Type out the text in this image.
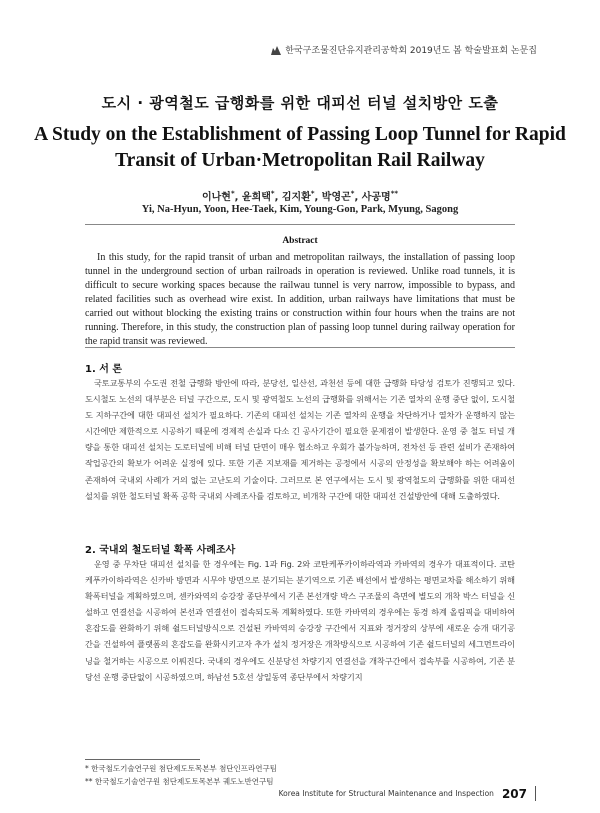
한국구조물진단유지관리공학회 2019년도 봄 학술발표회 논문집
도시 · 광역철도 급행화를 위한 대피선 터널 설치방안 도출
A Study on the Establishment of Passing Loop Tunnel for Rapid
Transit of Urban·Metropolitan Rail Railway
이나현*, 윤희택*, 김지환*, 박영곤*, 사공명**
Yi, Na-Hyun, Yoon, Hee-Taek, Kim, Young-Gon, Park, Myung, Sagong
Abstract

In this study, for the rapid transit of urban and metropolitan railways, the installation of passing loop tunnel in the underground section of urban railroads in operation is reviewed. Unlike road tunnels, it is difficult to secure working spaces because the railwau tunnel is very narrow, impossible to bypass, and related facilities such as overhead wire exist. In addition, urban railways have limitations that must be carried out without blocking the existing trains or construction within four hours when the trains are not running. Therefore, in this study, the construction plan of passing loop tunnel during railway operation for the rapid transit was reviewed.

1. 서 론

국토교통부의 수도권 전철 급행화 방안에 따라, 분당선, 일산선, 과천선 등에 대한 급행화 타당성 검토가 진행되고 있다. 도시철도 노선의 대부분은 터널 구간으로, 도시 및 광역철도 노선의 급행화를 위해서는 기존 열차의 운행 중단 없이, 도시철도 지하구간에 대한 대피선 설치가 필요하다. 기존의 대피선 설치는 기존 열차의 운행을 차단하거나 열차가 운행하지 않는 시간에만 제한적으로 시공하기 때문에 경제적 손실과 다소 긴 공사기간이 필요한 문제점이 발생한다. 운영 중 철도 터널 개량을 통한 대피선 설치는 도로터널에 비해 터널 단면이 매우 협소하고 우회가 불가능하며, 전차선 등 관련 설비가 존재하여 작업공간의 확보가 어려운 실정에 있다. 또한 기존 지보재를 제거하는 공정에서 시공의 안정성을 확보해야 하는 어려움이 존재하여 국내외 사례가 거의 없는 고난도의 기술이다. 그러므로 본 연구에서는 도시 및 광역철도의 급행화를 위한 대피선 설치를 위한 철도터널 확폭 공학 국내외 사례조사를 검토하고, 비개착 구간에 대한 대피선 건설방안에 대해 도출하였다.

2. 국내외 철도터널 확폭 사례조사

운영 중 무차단 대피선 설치를 한 경우에는 Fig. 1과 Fig. 2와 코탄케푸카이하라역과 카바역의 경우가 대표적이다. 코탄케푸카이하라역은 신카바 방면과 시무야 방면으로 분기되는 분기역으로 기존 배선에서 발생하는 평면교차를 해소하기 위해 확폭터널을 계획하였으며, 센카와역의 승강장 종단부에서 기존 본선개량 박스 구조물의 측면에 별도의 개착 박스 터널을 신설하고 연결선을 시공하여 본선과 연결선이 접속되도록 계획하였다. 또한 카바역의 경우에는 동경 하계 올림픽을 대비하여 혼잡도를 완화하기 위해 쉴드터널방식으로 건설된 카바역의 승강장 구간에서 지표와 정거장의 상부에 새로운 승개 대기공간을 건설하여 플랫폼의 혼잡도를 완화시키고자 추가 설치 정거장은 개착방식으로 시공하여 기존 쉴드터널의 세그먼트라이닝을 철거하는 시공으로 이뤄진다. 국내의 경우에도 신분당선 차량기지 연결선을 개착구간에서 접속부를 시공하여, 기존 분당선 운행 중단없이 시공하였으며, 하남선 5호선 상일동역 종단부에서 차량기지

* 한국철도기술연구원 첨단제도토목본부 첨단인프라연구팀
** 한국철도기술연구원 첨단제도토목본부 궤도노반연구팀
Korea Institute for Structural Maintenance and Inspection 207
